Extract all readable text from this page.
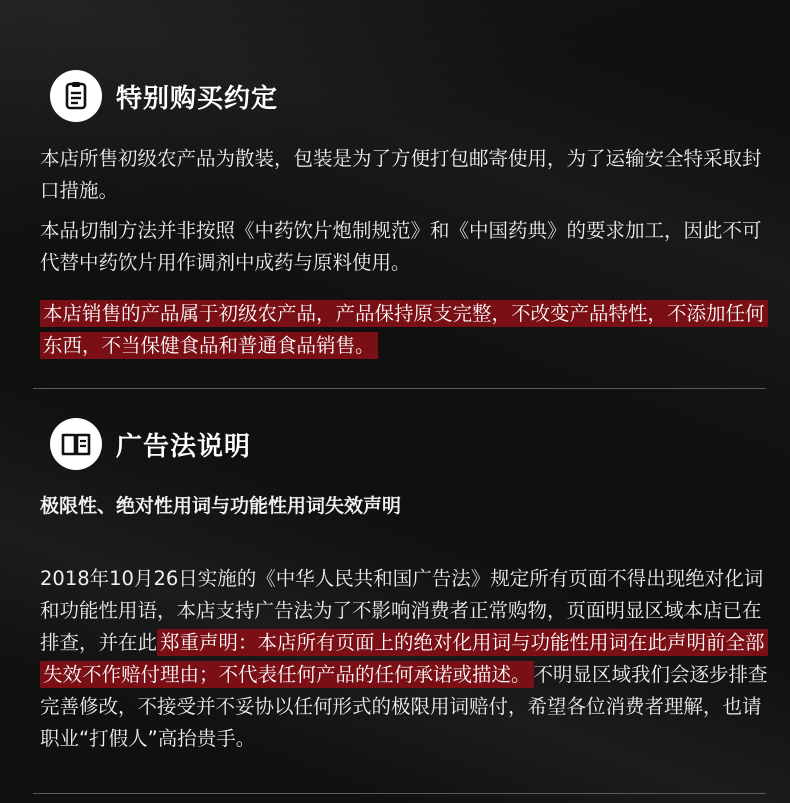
特别购买约定
本店所售初级农产品为散装，包装是为了方便打包邮寄使用，为了运输安全特采取封口措施。
本品切制方法并非按照《中药饮片炮制规范》和《中国药典》的要求加工，因此不可代替中药饮片用作调剂中成药与原料使用。
本店销售的产品属于初级农产品，产品保持原支完整，不改变产品特性，不添加任何东西，不当保健食品和普通食品销售。
广告法说明
极限性、绝对性用词与功能性用词失效声明
2018年10月26日实施的《中华人民共和国广告法》规定所有页面不得出现绝对化词和功能性用语，本店支持广告法为了不影响消费者正常购物，页面明显区域本店已在排查，并在此 郑重声明：本店所有页面上的绝对化用词与功能性用词在此声明前全部失效不作赔付理由；不代表任何产品的任何承诺或描述。 不明显区域我们会逐步排查完善修改，不接受并不妥协以任何形式的极限用词赔付，希望各位消费者理解，也请职业“打假人”高抬贵手。
